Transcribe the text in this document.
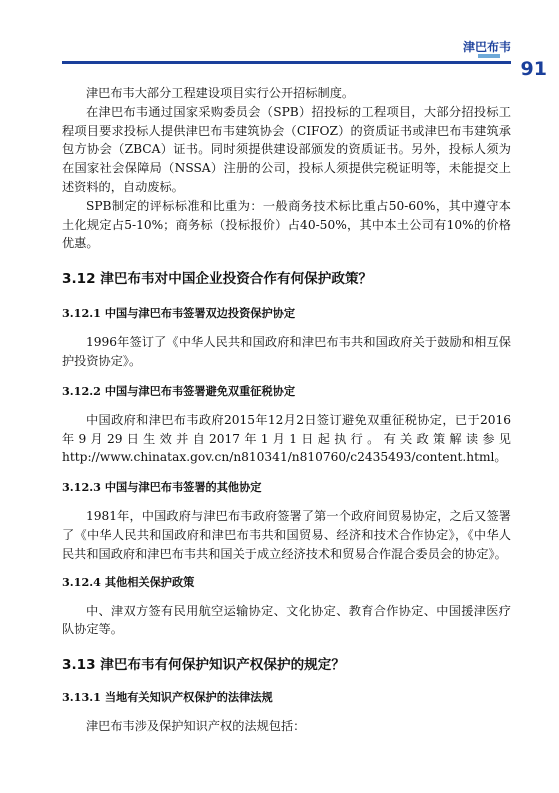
津巴布韦
91

津巴布韦大部分工程建设项目实行公开招标制度。

在津巴布韦通过国家采购委员会（SPB）招投标的工程项目，大部分招投标工程项目要求投标人提供津巴布韦建筑协会（CIFOZ）的资质证书或津巴布韦建筑承包方协会（ZBCA）证书。同时须提供建设部颁发的资质证书。另外，投标人须为在国家社会保障局（NSSA）注册的公司，投标人须提供完税证明等，未能提交上述资料的，自动废标。

SPB制定的评标标准和比重为：一般商务技术标比重占50-60%，其中遵守本土化规定占5-10%；商务标（投标报价）占40-50%，其中本土公司有10%的价格优惠。

3.12 津巴布韦对中国企业投资合作有何保护政策？
3.12.1 中国与津巴布韦签署双边投资保护协定

1996年签订了《中华人民共和国政府和津巴布韦共和国政府关于鼓励和相互保护投资协定》。

3.12.2 中国与津巴布韦签署避免双重征税协定

中国政府和津巴布韦政府2015年12月2日签订避免双重征税协定，已于2016年9月29日生效并自2017年1月1日起执行。有关政策解读参见http://www.chinatax.gov.cn/n810341/n810760/c2435493/content.html。

3.12.3 中国与津巴布韦签署的其他协定

1981年，中国政府与津巴布韦政府签署了第一个政府间贸易协定，之后又签署了《中华人民共和国政府和津巴布韦共和国贸易、经济和技术合作协定》，《中华人民共和国政府和津巴布韦共和国关于成立经济技术和贸易合作混合委员会的协定》。

3.12.4 其他相关保护政策

中、津双方签有民用航空运输协定、文化协定、教育合作协定、中国援津医疗队协定等。

3.13 津巴布韦有何保护知识产权保护的规定？
3.13.1 当地有关知识产权保护的法律法规

津巴布韦涉及保护知识产权的法规包括：
